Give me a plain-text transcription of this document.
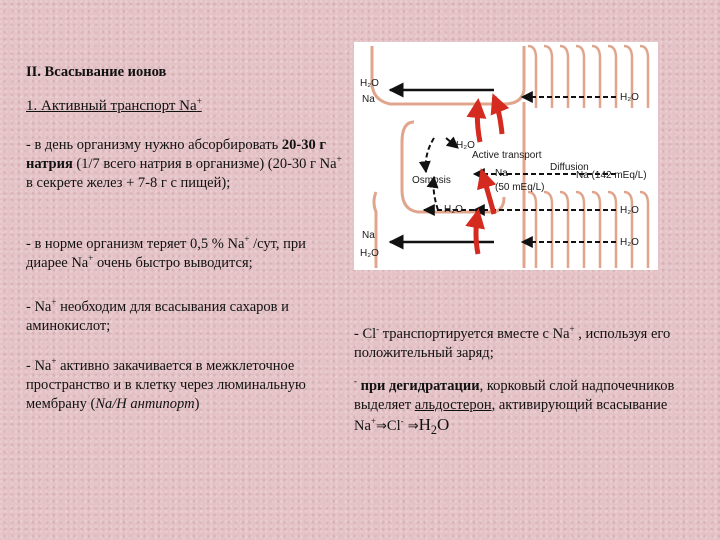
II. Всасывание ионов

1. Активный транспорт Na+

- в день организму нужно абсорбировать 20-30 г натрия (1/7 всего натрия в организме) (20-30 г Na+ в секрете желез + 7-8 г с пищей);

- в норме организм теряет 0,5 % Na+ /сут, при диарее Na+ очень быстро выводится;

- Na+ необходим для всасывания сахаров и аминокислот;

- Na+ активно закачивается в межклеточное пространство и в клетку через люминальную мембрану (Na/H антипорт)

- Cl- транспортируется вместе с Na+ , используя его положительный заряд;

- при дегидратации, корковый слой надпочечников выделяет альдостерон, активирующий всасывание Na+⇒Cl- $\Rightarrow H_2O$

H₂O
Na	H₂O
H₂O
Active transport
Diffusion
Osmosis
Na
(50 mEq/L)
Na (142 mEq/L)
H₂O	H₂O
Na
H₂O
H₂O
